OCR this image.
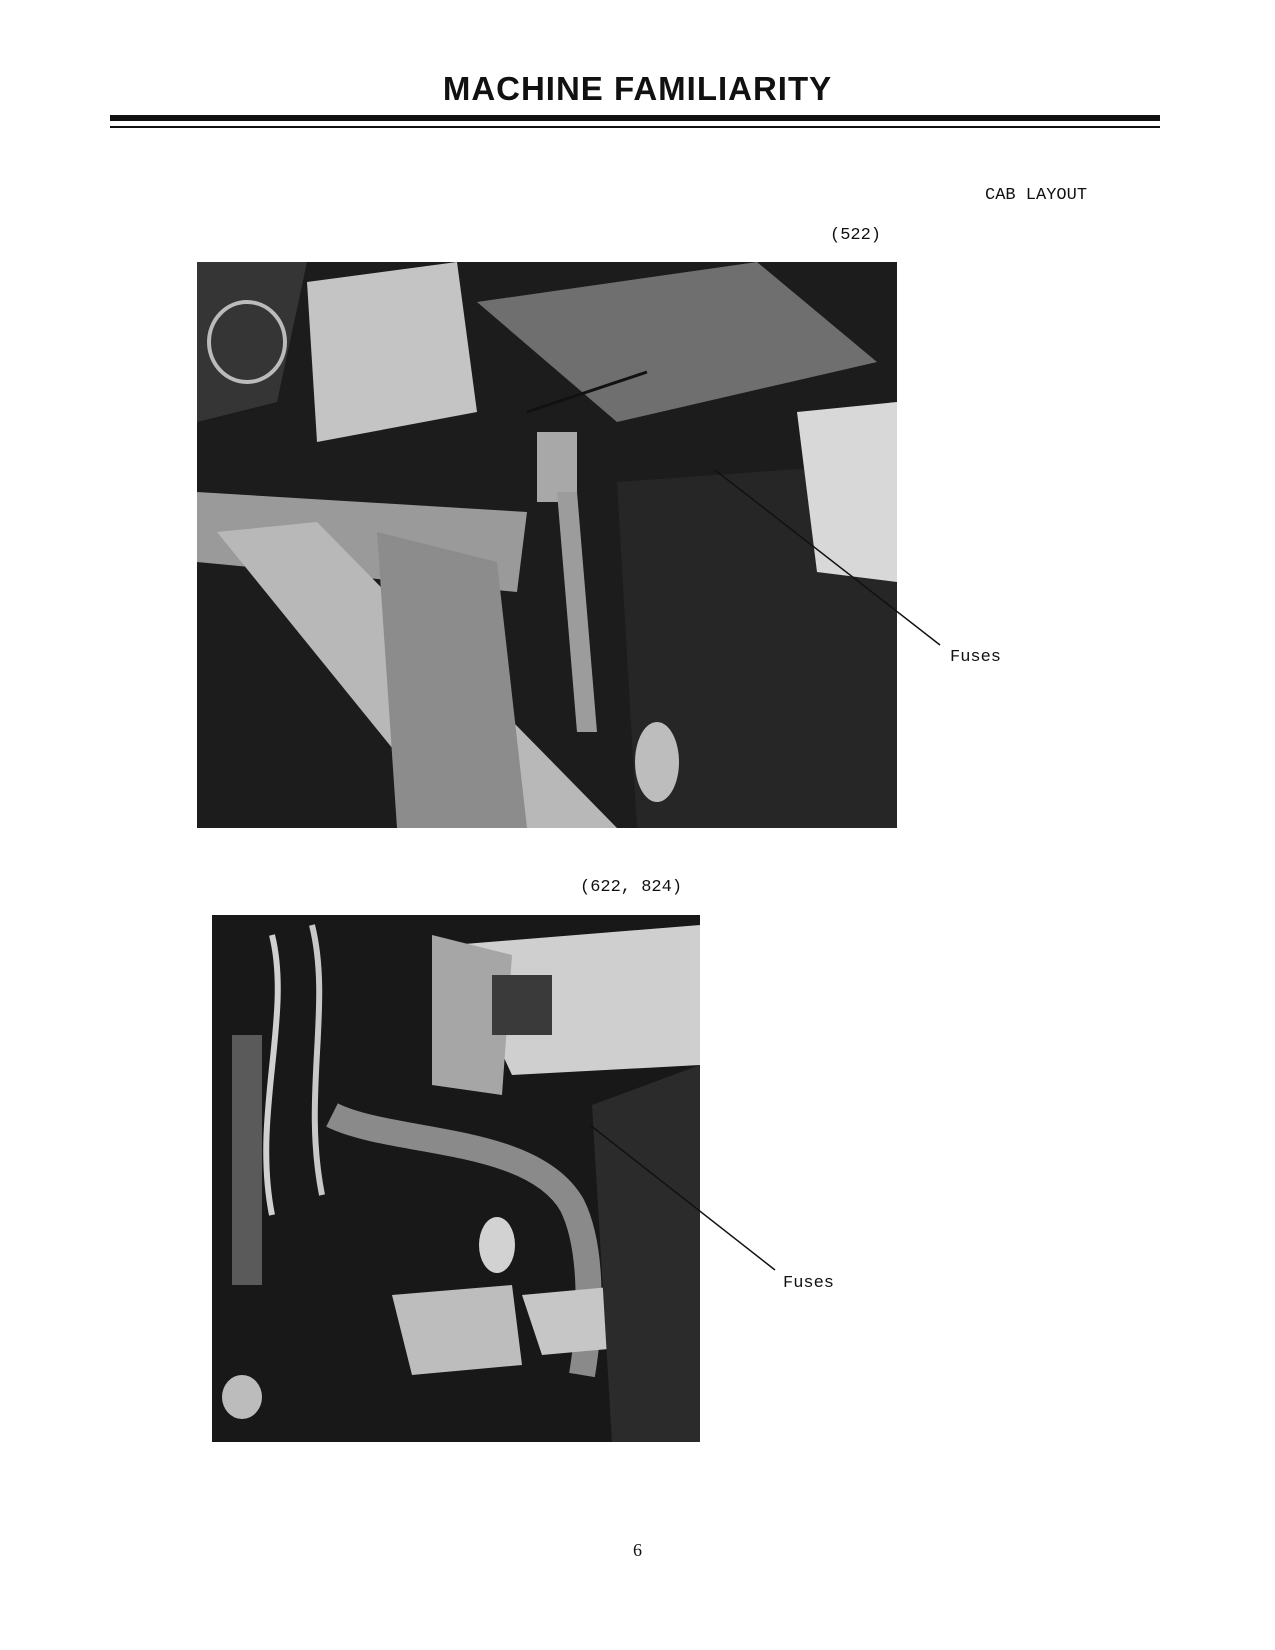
MACHINE FAMILIARITY
CAB LAYOUT
(522)
Fuses
(622, 824)
Fuses
6
